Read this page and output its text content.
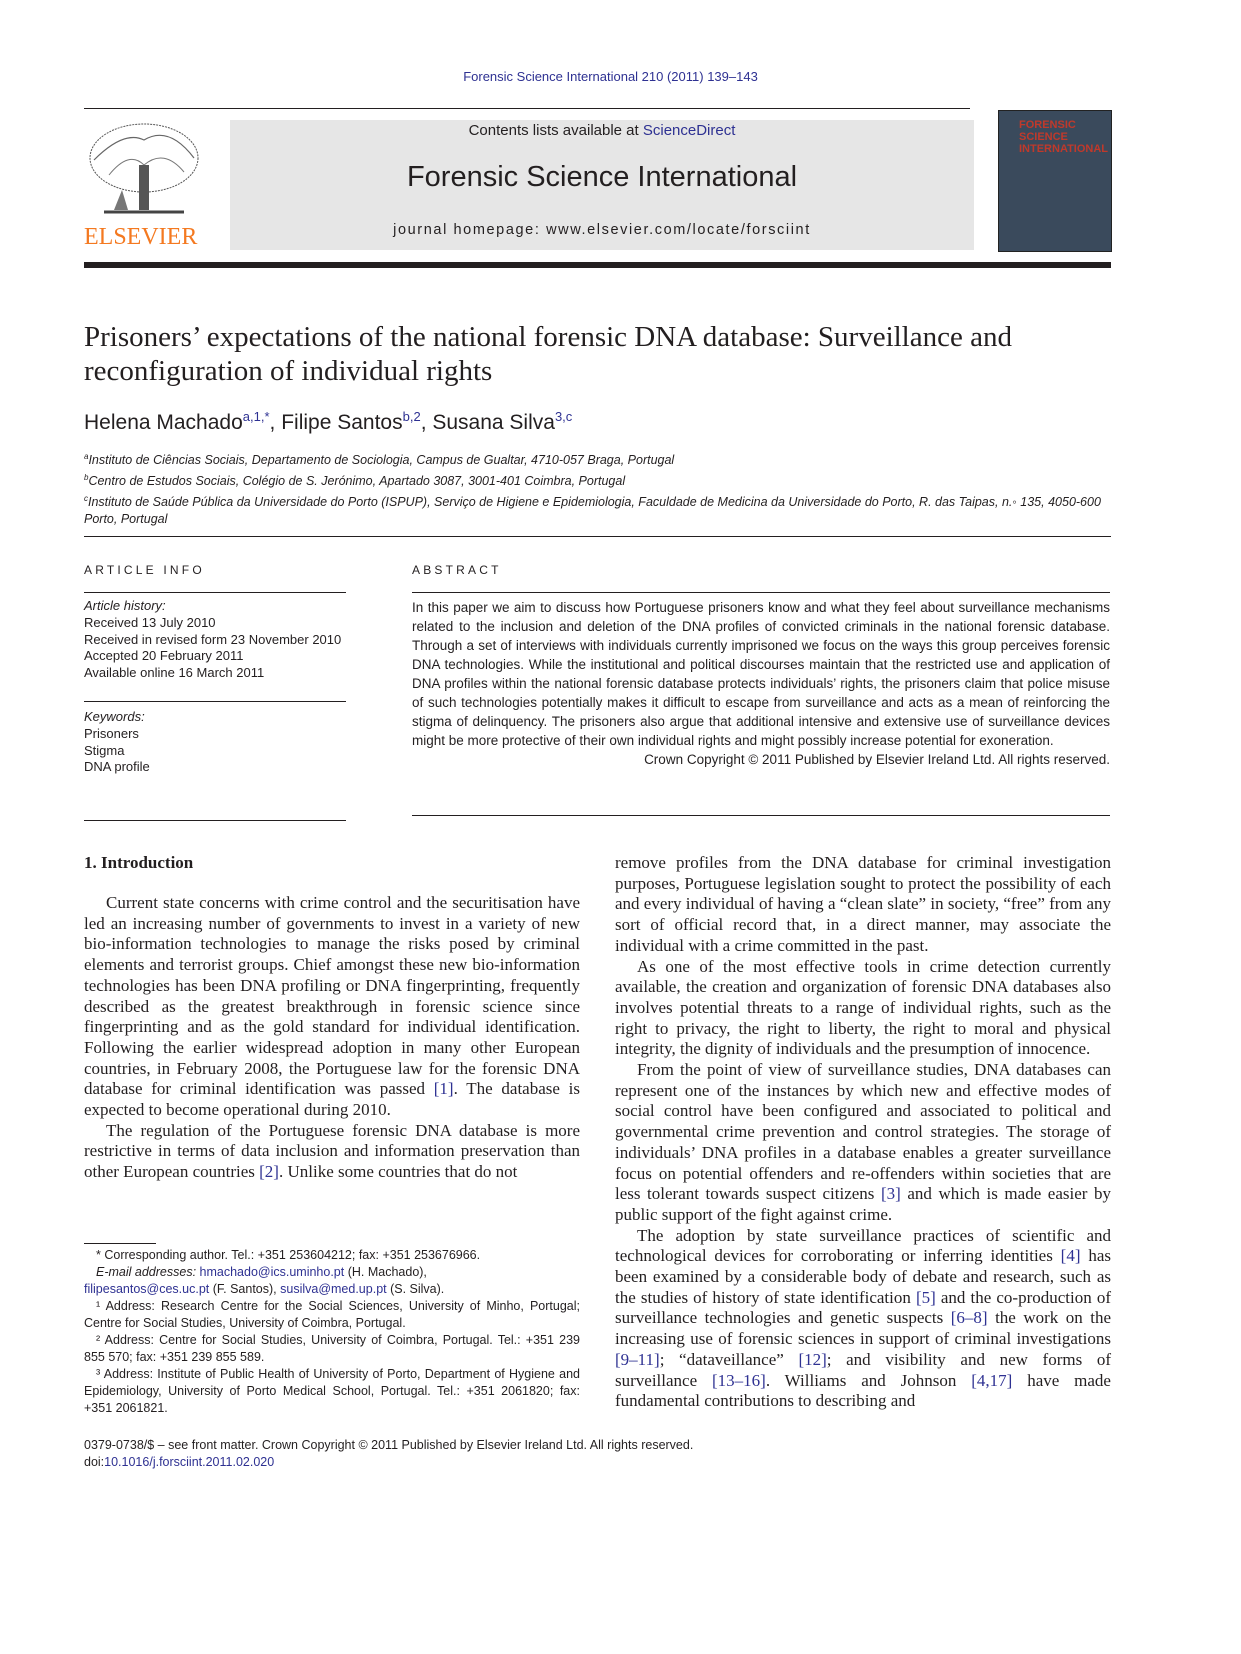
Forensic Science International 210 (2011) 139–143
ELSEVIER
Contents lists available at ScienceDirect
Forensic Science International
journal homepage: www.elsevier.com/locate/forsciint
FORENSIC SCIENCE INTERNATIONAL
Prisoners’ expectations of the national forensic DNA database: Surveillance and reconfiguration of individual rights
Helena Machado$^{a,1,*}$, Filipe Santos$^{b,2}$, Susana Silva$^{3,c}$
$^a$Instituto de Ciências Sociais, Departamento de Sociologia, Campus de Gualtar, 4710-057 Braga, Portugal
$^b$Centro de Estudos Sociais, Colégio de S. Jerónimo, Apartado 3087, 3001-401 Coimbra, Portugal
$^c$Instituto de Saúde Pública da Universidade do Porto (ISPUP), Serviço de Higiene e Epidemiologia, Faculdade de Medicina da Universidade do Porto, R. das Taipas, n.◦ 135, 4050-600 Porto, Portugal
ARTICLE INFO
Article history:
Received 13 July 2010
Received in revised form 23 November 2010
Accepted 20 February 2011
Available online 16 March 2011
Keywords:
Prisoners
Stigma
DNA profile
ABSTRACT
In this paper we aim to discuss how Portuguese prisoners know and what they feel about surveillance mechanisms related to the inclusion and deletion of the DNA profiles of convicted criminals in the national forensic database. Through a set of interviews with individuals currently imprisoned we focus on the ways this group perceives forensic DNA technologies. While the institutional and political discourses maintain that the restricted use and application of DNA profiles within the national forensic database protects individuals’ rights, the prisoners claim that police misuse of such technologies potentially makes it difficult to escape from surveillance and acts as a mean of reinforcing the stigma of delinquency. The prisoners also argue that additional intensive and extensive use of surveillance devices might be more protective of their own individual rights and might possibly increase potential for exoneration.
Crown Copyright © 2011 Published by Elsevier Ireland Ltd. All rights reserved.
1. Introduction

Current state concerns with crime control and the securitisation have led an increasing number of governments to invest in a variety of new bio-information technologies to manage the risks posed by criminal elements and terrorist groups. Chief amongst these new bio-information technologies has been DNA profiling or DNA fingerprinting, frequently described as the greatest breakthrough in forensic science since fingerprinting and as the gold standard for individual identification. Following the earlier widespread adoption in many other European countries, in February 2008, the Portuguese law for the forensic DNA database for criminal identification was passed [1]. The database is expected to become operational during 2010.

The regulation of the Portuguese forensic DNA database is more restrictive in terms of data inclusion and information preservation than other European countries [2]. Unlike some countries that do not

remove profiles from the DNA database for criminal investigation purposes, Portuguese legislation sought to protect the possibility of each and every individual of having a “clean slate” in society, “free” from any sort of official record that, in a direct manner, may associate the individual with a crime committed in the past.

As one of the most effective tools in crime detection currently available, the creation and organization of forensic DNA databases also involves potential threats to a range of individual rights, such as the right to privacy, the right to liberty, the right to moral and physical integrity, the dignity of individuals and the presumption of innocence.

From the point of view of surveillance studies, DNA databases can represent one of the instances by which new and effective modes of social control have been configured and associated to political and governmental crime prevention and control strategies. The storage of individuals’ DNA profiles in a database enables a greater surveillance focus on potential offenders and re-offenders within societies that are less tolerant towards suspect citizens [3] and which is made easier by public support of the fight against crime.

The adoption by state surveillance practices of scientific and technological devices for corroborating or inferring identities [4] has been examined by a considerable body of debate and research, such as the studies of history of state identification [5] and the co-production of surveillance technologies and genetic suspects [6–8] the work on the increasing use of forensic sciences in support of criminal investigations [9–11]; “dataveillance” [12]; and visibility and new forms of surveillance [13–16]. Williams and Johnson [4,17] have made fundamental contributions to describing and

* Corresponding author. Tel.: +351 253604212; fax: +351 253676966.

E-mail addresses: hmachado@ics.uminho.pt (H. Machado),

filipesantos@ces.uc.pt (F. Santos), susilva@med.up.pt (S. Silva).

¹ Address: Research Centre for the Social Sciences, University of Minho, Portugal; Centre for Social Studies, University of Coimbra, Portugal.

² Address: Centre for Social Studies, University of Coimbra, Portugal. Tel.: +351 239 855 570; fax: +351 239 855 589.

³ Address: Institute of Public Health of University of Porto, Department of Hygiene and Epidemiology, University of Porto Medical School, Portugal. Tel.: +351 2061820; fax: +351 2061821.

0379-0738/$ – see front matter. Crown Copyright © 2011 Published by Elsevier Ireland Ltd. All rights reserved.
doi:10.1016/j.forsciint.2011.02.020
